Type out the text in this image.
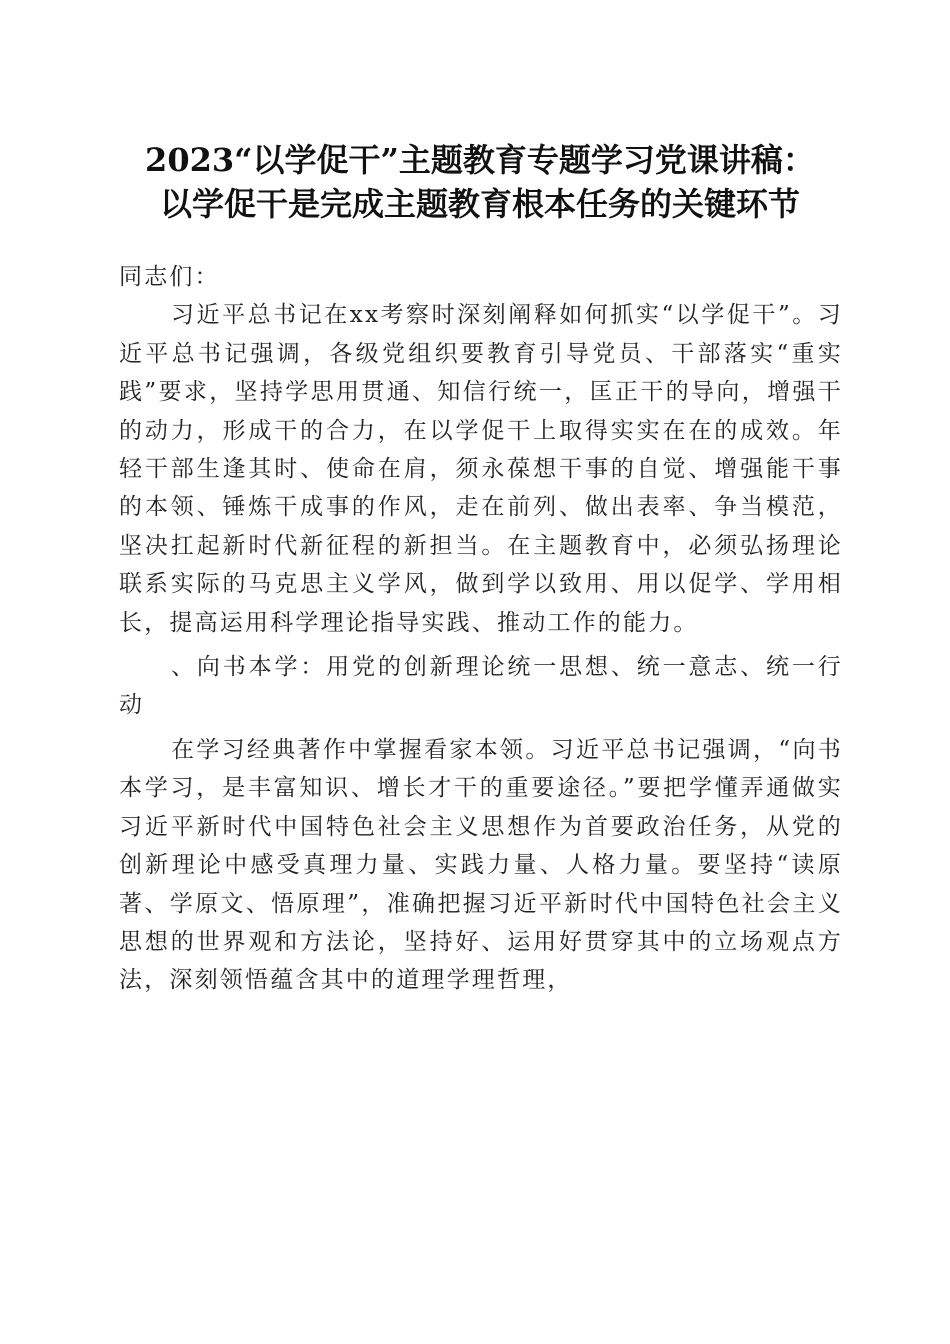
2023“以学促干”主题教育专题学习党课讲稿：
以学促干是完成主题教育根本任务的关键环节

同志们：

习近平总书记在xx考察时深刻阐释如何抓实“以学促干”。习近平总书记强调，各级党组织要教育引导党员、干部落实“重实践”要求，坚持学思用贯通、知信行统一，匡正干的导向，增强干的动力，形成干的合力，在以学促干上取得实实在在的成效。年轻干部生逢其时、使命在肩，须永葆想干事的自觉、增强能干事的本领、锤炼干成事的作风，走在前列、做出表率、争当模范，坚决扛起新时代新征程的新担当。在主题教育中，必须弘扬理论联系实际的马克思主义学风，做到学以致用、用以促学、学用相长，提高运用科学理论指导实践、推动工作的能力。

、向书本学：用党的创新理论统一思想、统一意志、统一行动

在学习经典著作中掌握看家本领。习近平总书记强调，“向书本学习，是丰富知识、增长才干的重要途径。”要把学懂弄通做实习近平新时代中国特色社会主义思想作为首要政治任务，从党的创新理论中感受真理力量、实践力量、人格力量。要坚持“读原著、学原文、悟原理”，准确把握习近平新时代中国特色社会主义思想的世界观和方法论，坚持好、运用好贯穿其中的立场观点方法，深刻领悟蕴含其中的道理学理哲理，
